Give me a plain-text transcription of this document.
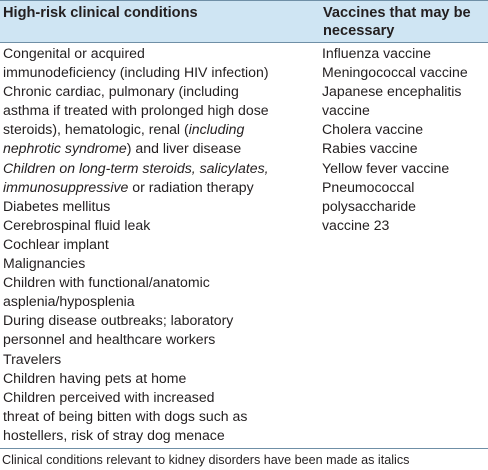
High-risk clinical conditions	Vaccines that may be
necessary
Congenital or acquired
immunodeficiency (including HIV infection)
Chronic cardiac, pulmonary (including
asthma if treated with prolonged high dose
steroids), hematologic, renal (including
nephrotic syndrome) and liver disease
Children on long-term steroids, salicylates,
immunosuppressive or radiation therapy
Diabetes mellitus
Cerebrospinal fluid leak
Cochlear implant
Malignancies
Children with functional/anatomic
asplenia/hyposplenia
During disease outbreaks; laboratory
personnel and healthcare workers
Travelers
Children having pets at home
Children perceived with increased
threat of being bitten with dogs such as
hostellers, risk of stray dog menace
Influenza vaccine
Meningococcal vaccine
Japanese encephalitis
vaccine
Cholera vaccine
Rabies vaccine
Yellow fever vaccine
Pneumococcal
polysaccharide
vaccine 23
Clinical conditions relevant to kidney disorders have been made as italics
